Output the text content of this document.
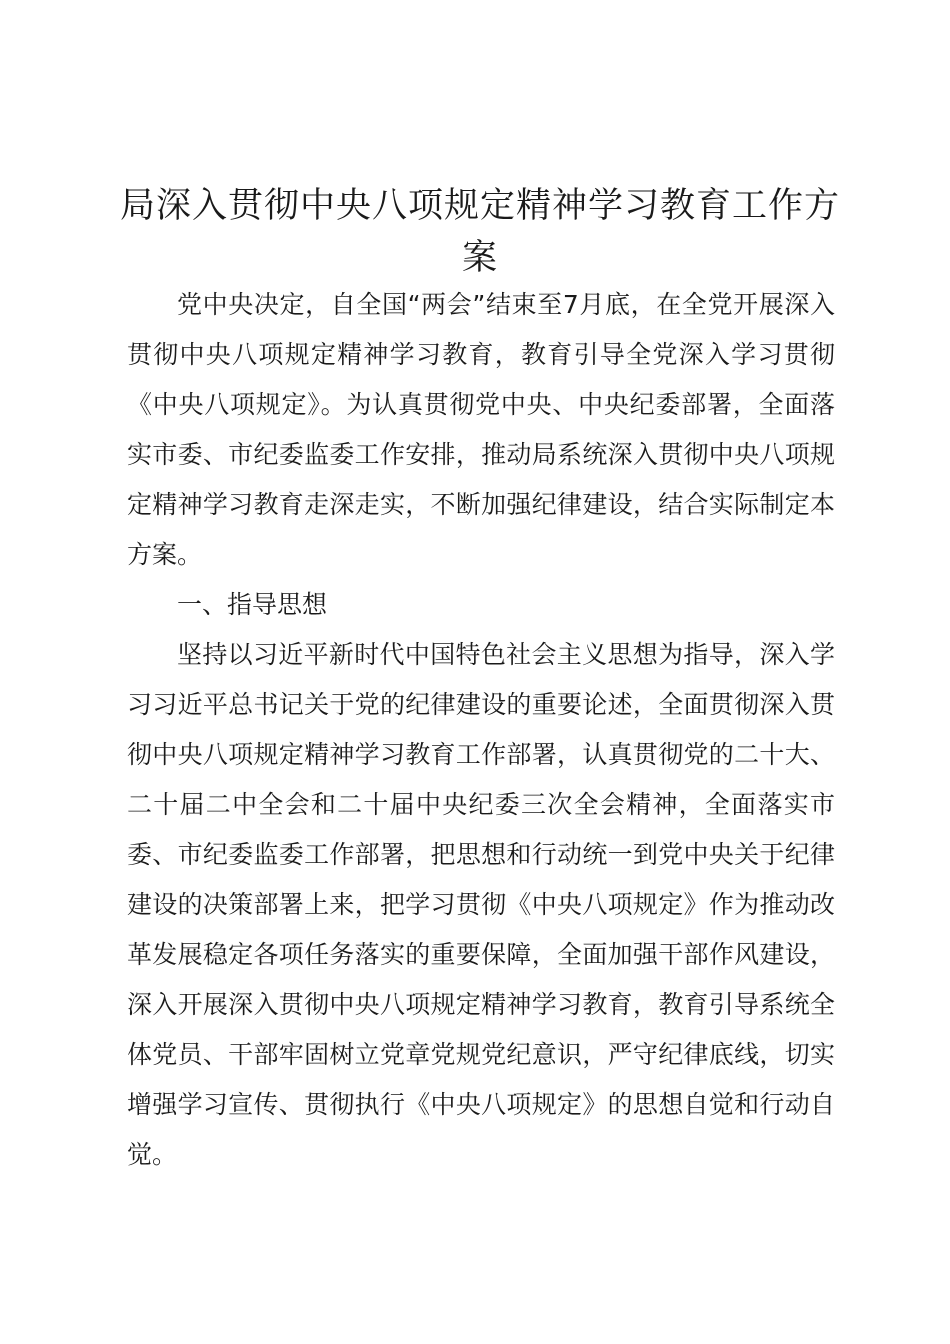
局深入贯彻中央八项规定精神学习教育工作方案

党中央决定，自全国“两会”结束至7月底，在全党开展深入贯彻中央八项规定精神学习教育，教育引导全党深入学习贯彻《中央八项规定》。为认真贯彻党中央、中央纪委部署，全面落实市委、市纪委监委工作安排，推动局系统深入贯彻中央八项规定精神学习教育走深走实，不断加强纪律建设，结合实际制定本方案。

一、指导思想

坚持以习近平新时代中国特色社会主义思想为指导，深入学习习近平总书记关于党的纪律建设的重要论述，全面贯彻深入贯彻中央八项规定精神学习教育工作部署，认真贯彻党的二十大、二十届二中全会和二十届中央纪委三次全会精神，全面落实市委、市纪委监委工作部署，把思想和行动统一到党中央关于纪律建设的决策部署上来，把学习贯彻《中央八项规定》作为推动改革发展稳定各项任务落实的重要保障，全面加强干部作风建设，深入开展深入贯彻中央八项规定精神学习教育，教育引导系统全体党员、干部牢固树立党章党规党纪意识，严守纪律底线，切实增强学习宣传、贯彻执行《中央八项规定》的思想自觉和行动自觉。
